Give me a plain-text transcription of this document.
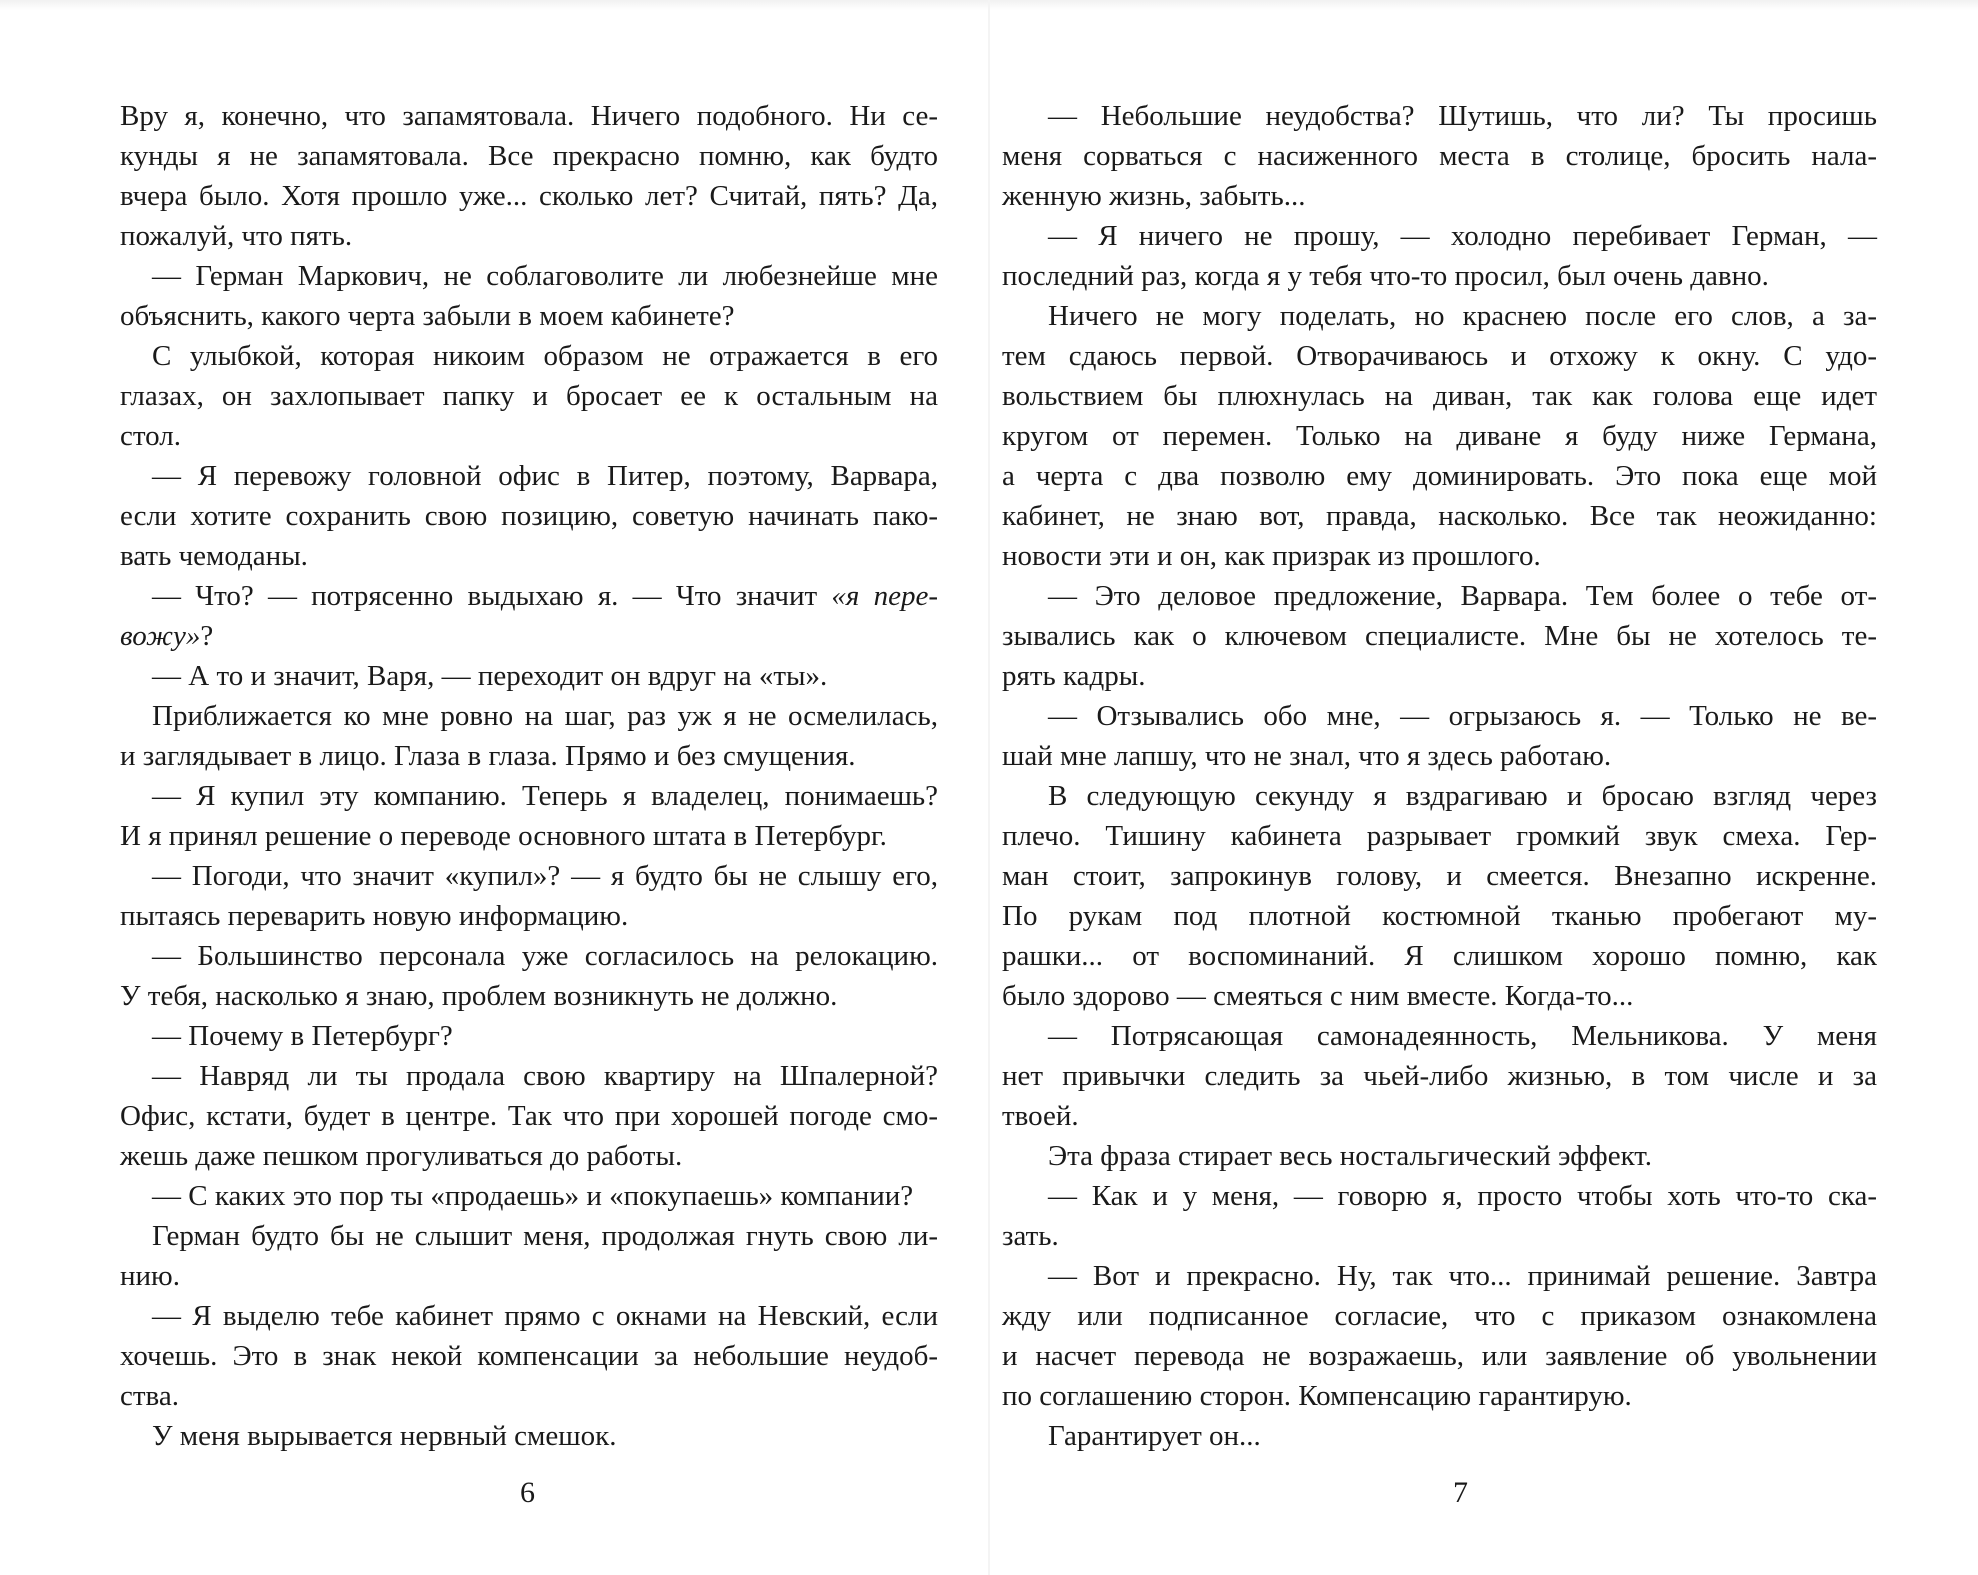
Вру я, конечно, что запамятовала. Ничего подобного. Ни се-
кунды я не запамятовала. Все прекрасно помню, как будто
вчера было. Хотя прошло уже... сколько лет? Считай, пять? Да,
пожалуй, что пять.
— Герман Маркович, не соблаговолите ли любезнейше мне
объяснить, какого черта забыли в моем кабинете?
С улыбкой, которая никоим образом не отражается в его
глазах, он захлопывает папку и бросает ее к остальным на
стол.
— Я перевожу головной офис в Питер, поэтому, Варвара,
если хотите сохранить свою позицию, советую начинать пако-
вать чемоданы.
— Что? — потрясенно выдыхаю я. — Что значит «я пере-
вожу»?
— А то и значит, Варя, — переходит он вдруг на «ты».
Приближается ко мне ровно на шаг, раз уж я не осмелилась,
и заглядывает в лицо. Глаза в глаза. Прямо и без смущения.
— Я купил эту компанию. Теперь я владелец, понимаешь?
И я принял решение о переводе основного штата в Петербург.
— Погоди, что значит «купил»? — я будто бы не слышу его,
пытаясь переварить новую информацию.
— Большинство персонала уже согласилось на релокацию.
У тебя, насколько я знаю, проблем возникнуть не должно.
— Почему в Петербург?
— Навряд ли ты продала свою квартиру на Шпалерной?
Офис, кстати, будет в центре. Так что при хорошей погоде смо-
жешь даже пешком прогуливаться до работы.
— С каких это пор ты «продаешь» и «покупаешь» компании?
Герман будто бы не слышит меня, продолжая гнуть свою ли-
нию.
— Я выделю тебе кабинет прямо с окнами на Невский, если
хочешь. Это в знак некой компенсации за небольшие неудоб-
ства.
У меня вырывается нервный смешок.
— Небольшие неудобства? Шутишь, что ли? Ты просишь
меня сорваться с насиженного места в столице, бросить нала-
женную жизнь, забыть...
— Я ничего не прошу, — холодно перебивает Герман, —
последний раз, когда я у тебя что-то просил, был очень давно.
Ничего не могу поделать, но краснею после его слов, а за-
тем сдаюсь первой. Отворачиваюсь и отхожу к окну. С удо-
вольствием бы плюхнулась на диван, так как голова еще идет
кругом от перемен. Только на диване я буду ниже Германа,
а черта с два позволю ему доминировать. Это пока еще мой
кабинет, не знаю вот, правда, насколько. Все так неожиданно:
новости эти и он, как призрак из прошлого.
— Это деловое предложение, Варвара. Тем более о тебе от-
зывались как о ключевом специалисте. Мне бы не хотелось те-
рять кадры.
— Отзывались обо мне, — огрызаюсь я. — Только не ве-
шай мне лапшу, что не знал, что я здесь работаю.
В следующую секунду я вздрагиваю и бросаю взгляд через
плечо. Тишину кабинета разрывает громкий звук смеха. Гер-
ман стоит, запрокинув голову, и смеется. Внезапно искренне.
По рукам под плотной костюмной тканью пробегают му-
рашки... от воспоминаний. Я слишком хорошо помню, как
было здорово — смеяться с ним вместе. Когда-то...
— Потрясающая самонадеянность, Мельникова. У меня
нет привычки следить за чьей-либо жизнью, в том числе и за
твоей.
Эта фраза стирает весь ностальгический эффект.
— Как и у меня, — говорю я, просто чтобы хоть что-то ска-
зать.
— Вот и прекрасно. Ну, так что... принимай решение. Завтра
жду или подписанное согласие, что с приказом ознакомлена
и насчет перевода не возражаешь, или заявление об увольнении
по соглашению сторон. Компенсацию гарантирую.
Гарантирует он...
6	7
